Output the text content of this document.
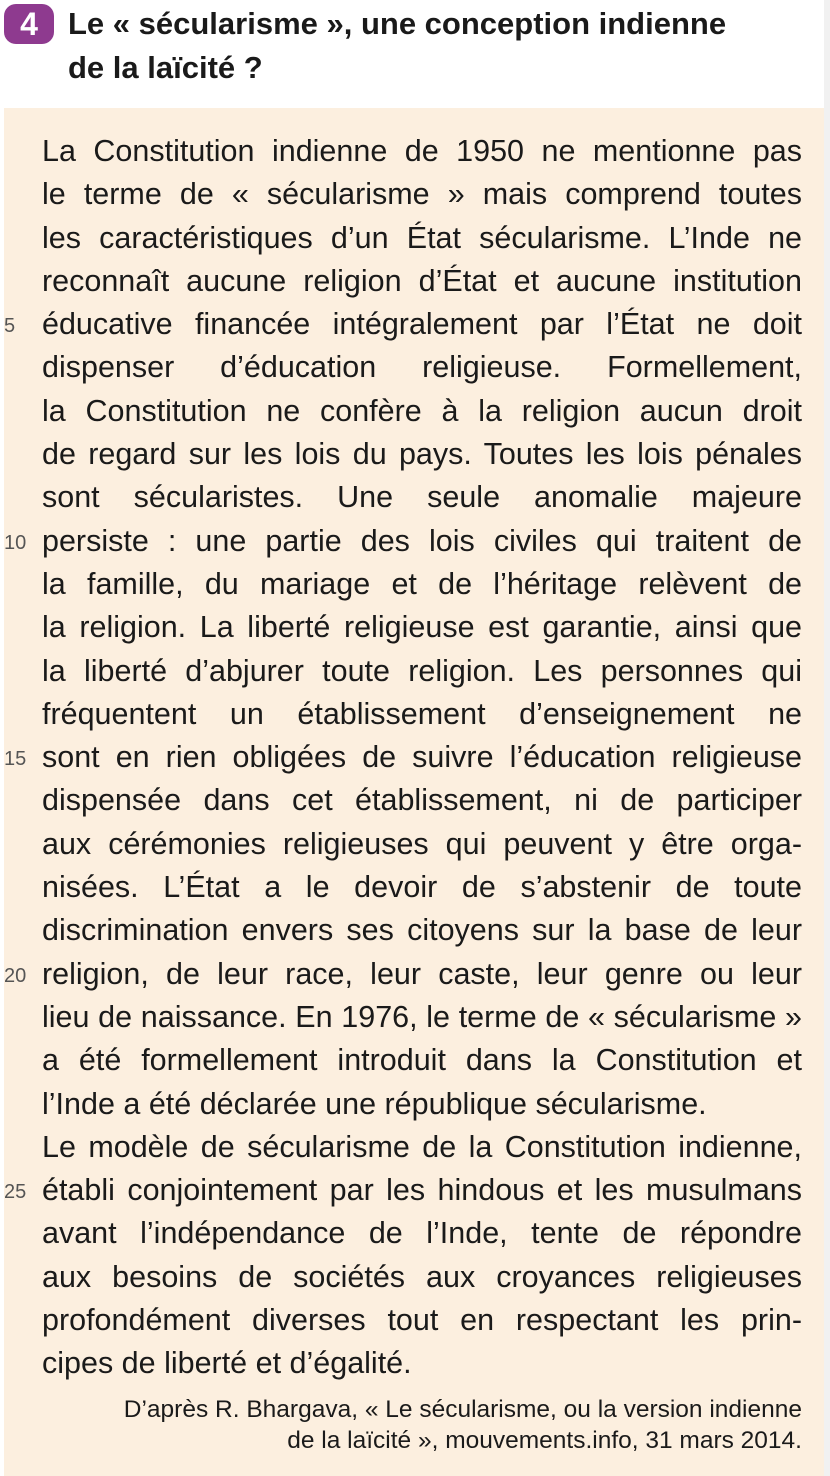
4 Le « sécularisme », une conception indienne
de la laïcité ?
La Constitution indienne de 1950 ne mentionne pas
le terme de « sécularisme » mais comprend toutes
les caractéristiques d’un État sécularisme. L’Inde ne
reconnaît aucune religion d’État et aucune institution
éducative financée intégralement par l’État ne doit
5
dispenser d’éducation religieuse. Formellement,
la Constitution ne confère à la religion aucun droit
de regard sur les lois du pays. Toutes les lois pénales
sont sécularistes. Une seule anomalie majeure
persiste : une partie des lois civiles qui traitent de
10
la famille, du mariage et de l’héritage relèvent de
la religion. La liberté religieuse est garantie, ainsi que
la liberté d’abjurer toute religion. Les personnes qui
fréquentent un établissement d’enseignement ne
sont en rien obligées de suivre l’éducation religieuse
15
dispensée dans cet établissement, ni de participer
aux cérémonies religieuses qui peuvent y être orga-
nisées. L’État a le devoir de s’abstenir de toute
discrimination envers ses citoyens sur la base de leur
religion, de leur race, leur caste, leur genre ou leur
20
lieu de naissance. En 1976, le terme de « sécularisme »
a été formellement introduit dans la Constitution et
l’Inde a été déclarée une république sécularisme.
Le modèle de sécularisme de la Constitution indienne,
établi conjointement par les hindous et les musulmans
25
avant l’indépendance de l’Inde, tente de répondre
aux besoins de sociétés aux croyances religieuses
profondément diverses tout en respectant les prin-
cipes de liberté et d’égalité.
D’après R. Bhargava, « Le sécularisme, ou la version indienne
de la laïcité », mouvements.info, 31 mars 2014.
